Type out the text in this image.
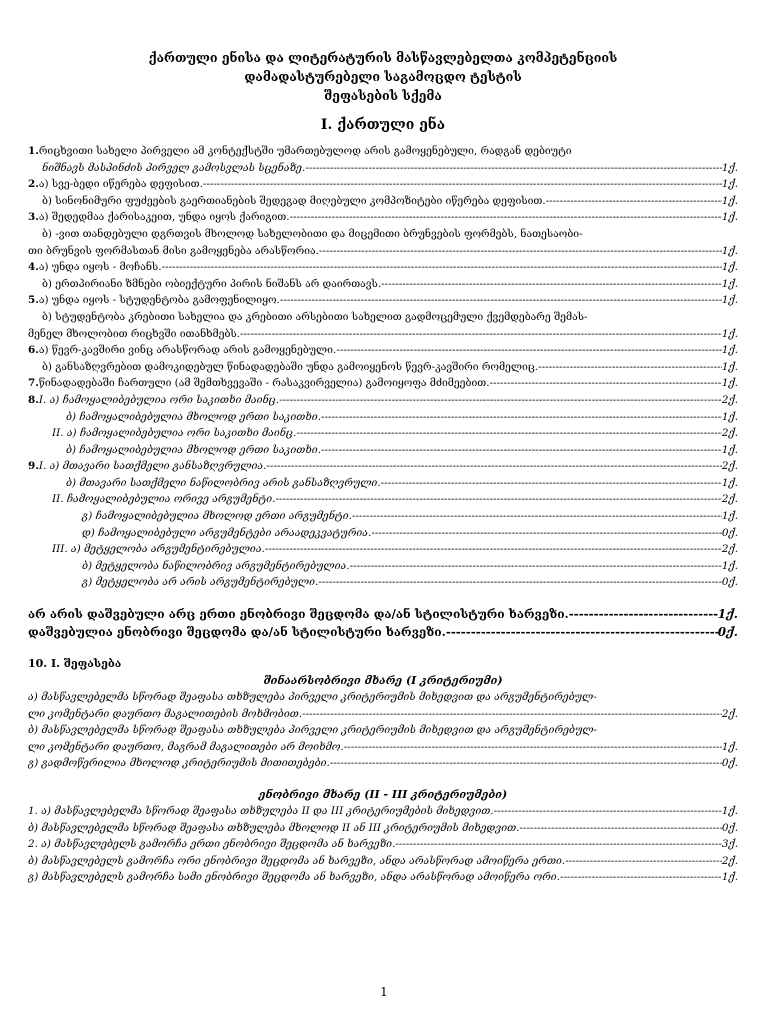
ქართული ენისა და ლიტერატურის მასწავლებელთა კომპეტენციის
დამადასტურებელი საგამოცდო ტესტის
შეფასების სქემა
I. ქართული ენა
1. რიცხვითი სახელი პირველი ამ კონტექსტში უმართებულოდ არის გამოყენებული, რადგან დებიუტი
ნიშნავს მასპინძის პირველ გამოსვლას სცენაზე. -----	1ქ.
2. ა) სვე-ბედი იწერება დეფისით. -----	1ქ.
ბ) სინონიმური ფუძეების გაერთიანების შედეგად მიღებული კომპოზიტები იწერება დეფისით. -----	1ქ.
3. ა) შედედმაა ქარისაკეით, უნდა იყოს ქარიგით. -----	1ქ.
ბ) -ვით თანდებული დგრთვის მხოლოდ სახელობითი და მიცემითი ბრუნვების ფორმებს, ნათესაობი-
თი ბრუნვის ფორმასთან მისი გამოყენება არასწორია. -----	1ქ.
4. ა) უნდა იყოს - მოჩანს. -----	1ქ.
ბ) ერთპირიანი ზმნები ობიექტური პირის ნიშანს არ დაირთავს. -----	1ქ.
5. ა) უნდა იყოს - სტუდენტობა გამოფენილიყო. -----	1ქ.
ბ) სტუდენტობა კრებითი სახელია და კრებითი არსებითი სახელით გადმოცემული ქვემდებარე შემას-
მენელ მხოლობით რიცხვში ითანხმებს. -----	1ქ.
6. ა) წევრ-კავშირი ვინც არასწორად არის გამოყენებული. -----	1ქ.
ბ) განსაზღვრებით დამოკიდებულ წინადადებაში უნდა გამოიყენოს წევრ-კავშირი რომელიც. -----	1ქ.
7. წინადადებაში ჩართული (ამ შემთხვევაში - რასაკვირველია) გამოიყოფა მძიმეებით. -----	1ქ.
8. I. ა) ჩამოყალიბებულია ორი საკითხი მაინც. -----	2ქ.
ბ) ჩამოყალიბებულია მხოლოდ ერთი საკითხი. -----	1ქ.
II. ა) ჩამოყალიბებულია ორი საკითხი მაინც. -----	2ქ.
ბ) ჩამოყალიბებულია მხოლოდ ერთი საკითხი. -----	1ქ.
9. I. ა) მთავარი სათქმელი განსაზღვრულია. -----	2ქ.
ბ) მთავარი სათქმელი ნაწილობრივ არის განსაზღვრული. -----	1ქ.
II. ჩამოყალიბებულია ორივე არგუმენტი. -----	2ქ.
გ) ჩამოყალიბებულია მხოლოდ ერთი არგუმენტი. -----	1ქ.
დ) ჩამოყალიბებული არგუმენტები არაადეკვატურია. -----	0ქ.
III. ა) მეტყელობა არგუმენტირებულია. -----	2ქ.
ბ) მეტყელობა ნაწილობრივ არგუმენტირებულია. -----	1ქ.
გ) მეტყელობა არ არის არგუმენტირებული. -----	0ქ.
არ არის დაშვებული არც ერთი ენობრივი შეცდომა და/ან სტილისტური ხარვეზი. -----	1ქ.
დაშვებულია ენობრივი შეცდომა და/ან სტილისტური ხარვეზი. -----	0ქ.
10. I. შეფასება
შინაარსობრივი მხარე (I კრიტერიუმი)
ა) მასწავლებელმა სწორად შეაფასა თხზულება პირველი კრიტერიუმის მიხედვით და არგუმენტირებულ-
ლი კომენტარი დაურთო მაგალითების მოხმობით. -----	2ქ.
ბ) მასწავლებელმა სწორად შეაფასა თხზულება პირველი კრიტერიუმის მიხედვით და არგუმენტირებულ-
ლი კომენტარი დაურთო, მაგრამ მაგალითები არ მოიხმო. -----	1ქ.
გ) გადმოწერილია მხოლოდ კრიტერიუმის მითითებები. -----	0ქ.
ენობრივი მხარე (II - III კრიტერიუმები)
1. ა) მასწავლებელმა სწორად შეაფასა თხზულება II და III კრიტერიუმების მიხედვით. -----	1ქ.
ბ) მასწავლებელმა სწორად შეაფასა თხზულება მხოლოდ II ან III კრიტერიუმის მიხედვით. -----	0ქ.
2. ა) მასწავლებელს გამორჩა ერთი ენობრივი შეცდომა ან ხარვეზი. -----	3ქ.
ბ) მასწავლებელს გამორჩა ორი ენობრივი შეცდომა ან ხარვეზი, ანდა არასწორად ამოიწერა ერთი. -----	2ქ.
გ) მასწავლებელს გამორჩა სამი ენობრივი შეცდომა ან ხარვეზი, ანდა არასწორად ამოიწერა ორი. -----	1ქ.
1
